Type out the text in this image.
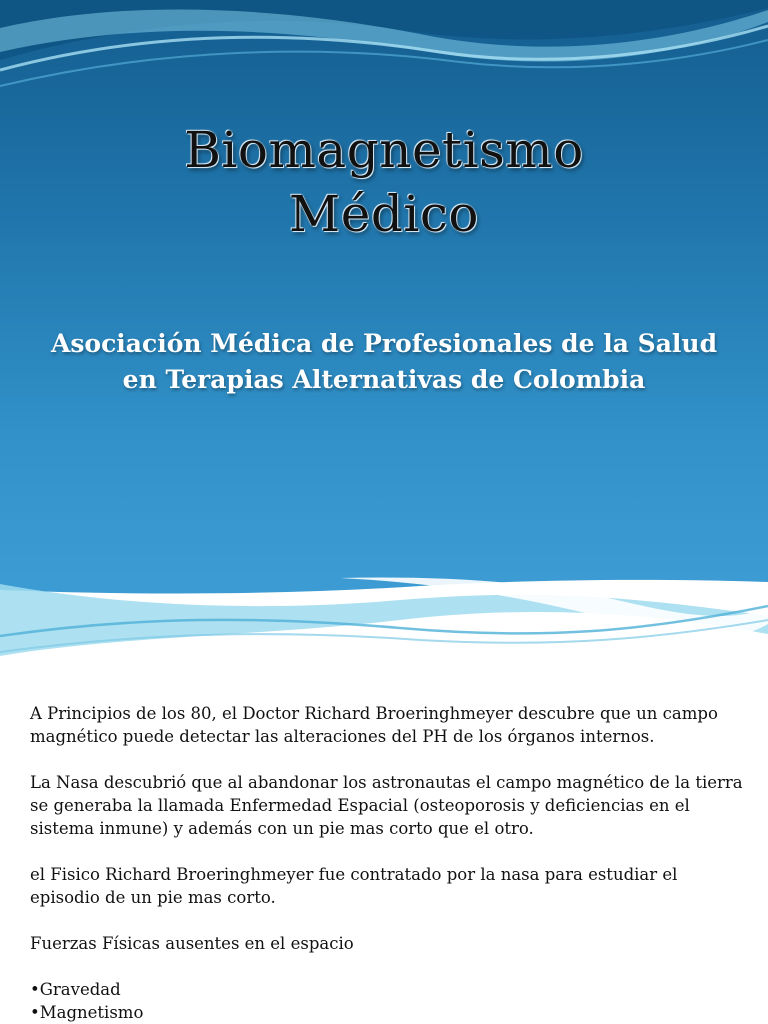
Biomagnetismo
Médico
Asociación Médica de Profesionales de la Salud
en Terapias Alternativas de Colombia

A Principios de los 80, el Doctor Richard Broeringhmeyer descubre que un campo magnético puede detectar las alteraciones del PH de los órganos internos.

La Nasa descubrió que al abandonar los astronautas el campo magnético de la tierra se generaba la llamada Enfermedad Espacial (osteoporosis y deficiencias en el sistema inmune) y además con un pie mas corto que el otro.

el Fisico Richard Broeringhmeyer fue contratado por la nasa para estudiar el episodio de un pie mas corto.

Fuerzas Físicas ausentes en el espacio

•Gravedad
•Magnetismo
